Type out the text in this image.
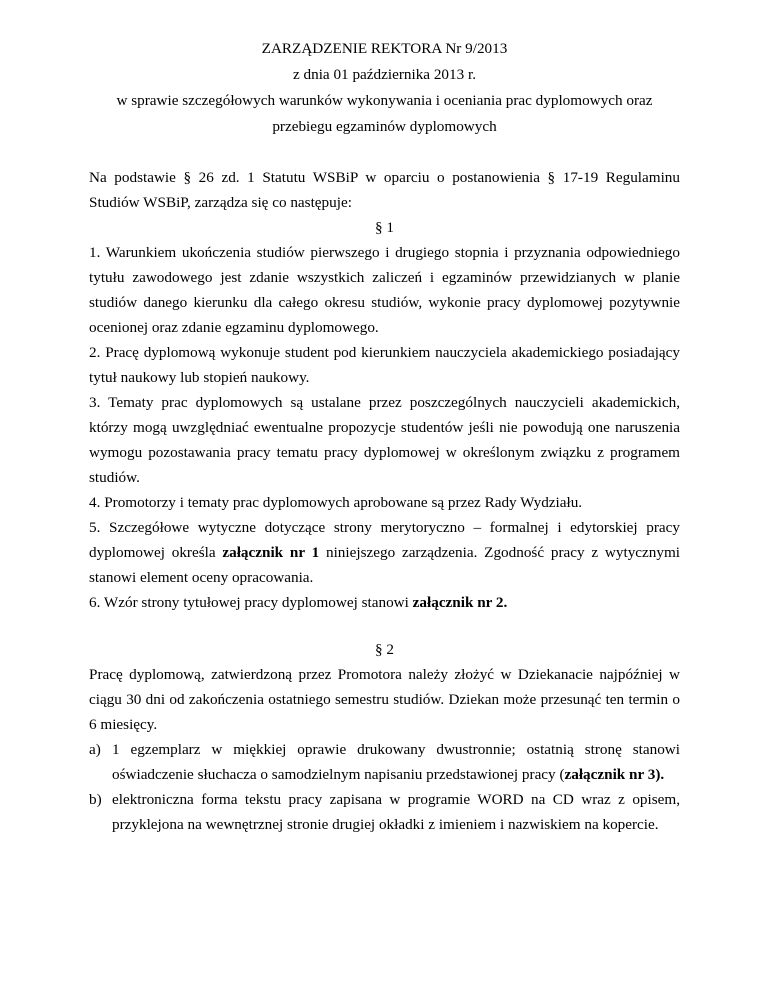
ZARZĄDZENIE REKTORA Nr 9/2013
z dnia 01 października 2013 r.
w sprawie szczegółowych warunków wykonywania i oceniania prac dyplomowych oraz
przebiegu egzaminów dyplomowych

Na podstawie § 26 zd. 1 Statutu WSBiP w oparciu o postanowienia § 17-19 Regulaminu Studiów WSBiP, zarządza się co następuje:

§ 1

1. Warunkiem ukończenia studiów pierwszego i drugiego stopnia i przyznania odpowiedniego tytułu zawodowego jest zdanie wszystkich zaliczeń i egzaminów przewidzianych w planie studiów danego kierunku dla całego okresu studiów, wykonie pracy dyplomowej pozytywnie ocenionej oraz zdanie egzaminu dyplomowego.

2. Pracę dyplomową wykonuje student pod kierunkiem nauczyciela akademickiego posiadający tytuł naukowy lub stopień naukowy.

3. Tematy prac dyplomowych są ustalane przez poszczególnych nauczycieli akademickich, którzy mogą uwzględniać ewentualne propozycje studentów jeśli nie powodują one naruszenia wymogu pozostawania pracy tematu pracy dyplomowej w określonym związku z programem studiów.

4. Promotorzy i tematy prac dyplomowych aprobowane są przez Rady Wydziału.

5. Szczegółowe wytyczne dotyczące strony merytoryczno – formalnej i edytorskiej pracy dyplomowej określa załącznik nr 1 niniejszego zarządzenia. Zgodność pracy z wytycznymi stanowi element oceny opracowania.

6. Wzór strony tytułowej pracy dyplomowej stanowi załącznik nr 2.

§ 2

Pracę dyplomową, zatwierdzoną przez Promotora należy złożyć w Dziekanacie najpóźniej w ciągu 30 dni od zakończenia ostatniego semestru studiów. Dziekan może przesunąć ten termin o 6 miesięcy.

a) 1 egzemplarz w miękkiej oprawie drukowany dwustronnie; ostatnią stronę stanowi oświadczenie słuchacza o samodzielnym napisaniu przedstawionej pracy (załącznik nr 3).
b) elektroniczna forma tekstu pracy zapisana w programie WORD na CD wraz z opisem, przyklejona na wewnętrznej stronie drugiej okładki z imieniem i nazwiskiem na kopercie.
